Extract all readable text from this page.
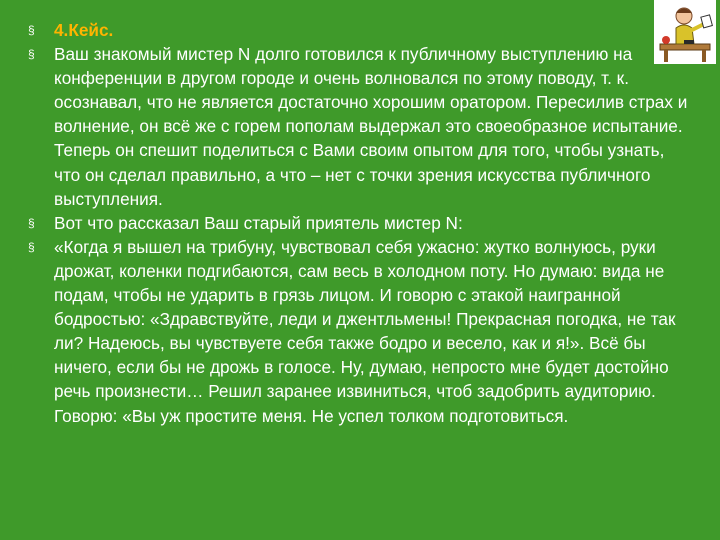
§
4.Кейс.
§
Ваш знакомый мистер N долго готовился к публичному выступлению на конференции в другом городе и очень волновался по этому поводу, т. к. осознавал, что не является достаточно хорошим оратором. Пересилив страх и волнение, он всё же с горем пополам выдержал это своеобразное испытание. Теперь он спешит поделиться с Вами своим опытом для того, чтобы узнать, что он сделал правильно, а что – нет с точки зрения искусства публичного выступления.
§
Вот что рассказал Ваш старый приятель мистер N:
§
«Когда я вышел на трибуну, чувствовал себя ужасно: жутко волнуюсь, руки дрожат, коленки подгибаются, сам весь в холодном поту. Но думаю: вида не подам, чтобы не ударить в грязь лицом. И говорю с этакой наигранной бодростью: «Здравствуйте, леди и джентльмены! Прекрасная погодка, не так ли? Надеюсь, вы чувствуете себя также бодро и весело, как и я!». Всё бы ничего, если бы не дрожь в голосе. Ну, думаю, непросто мне будет достойно речь произнести… Решил заранее извиниться, чтоб задобрить аудиторию. Говорю: «Вы уж простите меня. Не успел толком подготовиться.
